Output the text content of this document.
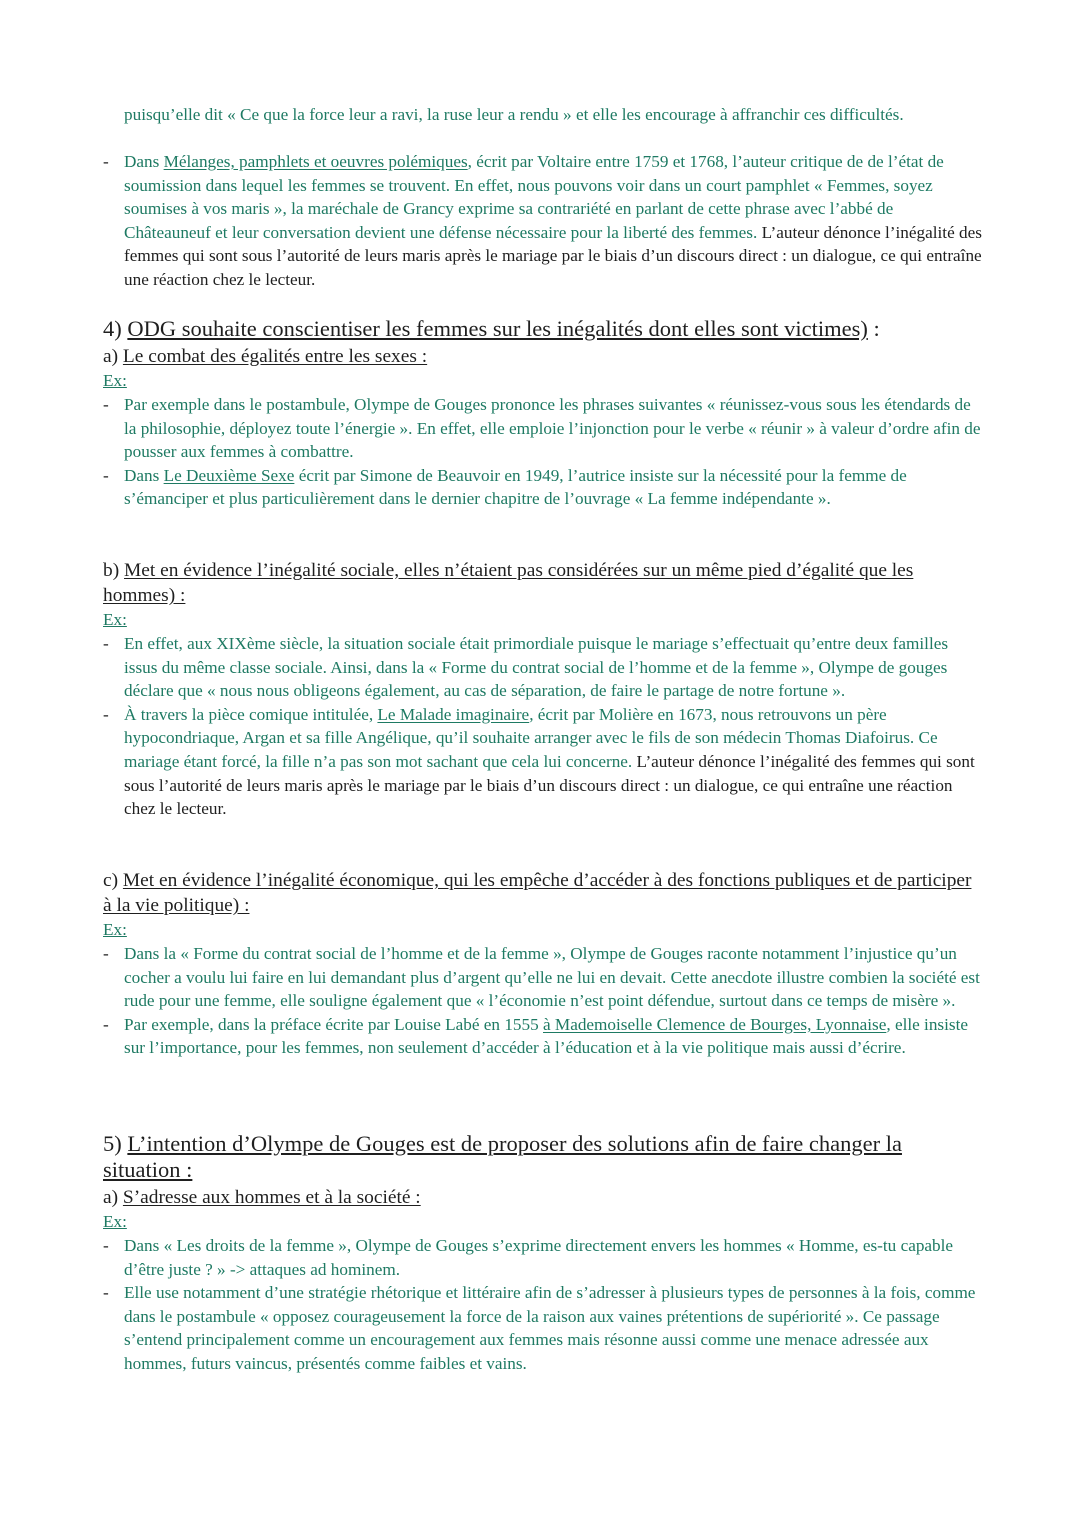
puisqu’elle dit « Ce que la force leur a ravi, la ruse leur a rendu » et elle les encourage à affranchir ces difficultés.
- Dans Mélanges, pamphlets et oeuvres polémiques, écrit par Voltaire entre 1759 et 1768, l’auteur critique de de l’état de soumission dans lequel les femmes se trouvent. En effet, nous pouvons voir dans un court pamphlet « Femmes, soyez soumises à vos maris », la maréchale de Grancy exprime sa contrariété en parlant de cette phrase avec l’abbé de Châteauneuf et leur conversation devient une défense nécessaire pour la liberté des femmes. L’auteur dénonce l’inégalité des femmes qui sont sous l’autorité de leurs maris après le mariage par le biais d’un discours direct : un dialogue, ce qui entraîne une réaction chez le lecteur.
4) ODG souhaite conscientiser les femmes sur les inégalités dont elles sont victimes) :
a) Le combat des égalités entre les sexes :
Ex:
- Par exemple dans le postambule, Olympe de Gouges prononce les phrases suivantes « réunissez-vous sous les étendards de la philosophie, déployez toute l’énergie ». En effet, elle emploie l’injonction pour le verbe « réunir » à valeur d’ordre afin de pousser aux femmes à combattre.
- Dans Le Deuxième Sexe écrit par Simone de Beauvoir en 1949, l’autrice insiste sur la nécessité pour la femme de s’émanciper et plus particulièrement dans le dernier chapitre de l’ouvrage « La femme indépendante ».
b) Met en évidence l’inégalité sociale, elles n’étaient pas considérées sur un même pied d’égalité que les hommes) :
Ex:
- En effet, aux XIXème siècle, la situation sociale était primordiale puisque le mariage s’effectuait qu’entre deux familles issus du même classe sociale. Ainsi, dans la « Forme du contrat social de l’homme et de la femme », Olympe de gouges déclare que « nous nous obligeons également, au cas de séparation, de faire le partage de notre fortune ».
- À travers la pièce comique intitulée, Le Malade imaginaire, écrit par Molière en 1673, nous retrouvons un père hypocondriaque, Argan et sa fille Angélique, qu’il souhaite arranger avec le fils de son médecin Thomas Diafoirus. Ce mariage étant forcé, la fille n’a pas son mot sachant que cela lui concerne. L’auteur dénonce l’inégalité des femmes qui sont sous l’autorité de leurs maris après le mariage par le biais d’un discours direct : un dialogue, ce qui entraîne une réaction chez le lecteur.
c) Met en évidence l’inégalité économique, qui les empêche d’accéder à des fonctions publiques et de participer à la vie politique) :
Ex:
- Dans la « Forme du contrat social de l’homme et de la femme », Olympe de Gouges raconte notamment l’injustice qu’un cocher a voulu lui faire en lui demandant plus d’argent qu’elle ne lui en devait. Cette anecdote illustre combien la société est rude pour une femme, elle souligne également que « l’économie n’est point défendue, surtout dans ce temps de misère ».
- Par exemple, dans la préface écrite par Louise Labé en 1555 à Mademoiselle Clemence de Bourges, Lyonnaise, elle insiste sur l’importance, pour les femmes, non seulement d’accéder à l’éducation et à la vie politique mais aussi d’écrire.
5) L’intention d’Olympe de Gouges est de proposer des solutions afin de faire changer la situation :
a) S’adresse aux hommes et à la société :
Ex:
- Dans « Les droits de la femme », Olympe de Gouges s’exprime directement envers les hommes « Homme, es-tu capable d’être juste ? » -> attaques ad hominem.
- Elle use notamment d’une stratégie rhétorique et littéraire afin de s’adresser à plusieurs types de personnes à la fois, comme dans le postambule « opposez courageusement la force de la raison aux vaines prétentions de supériorité ». Ce passage s’entend principalement comme un encouragement aux femmes mais résonne aussi comme une menace adressée aux hommes, futurs vaincus, présentés comme faibles et vains.
